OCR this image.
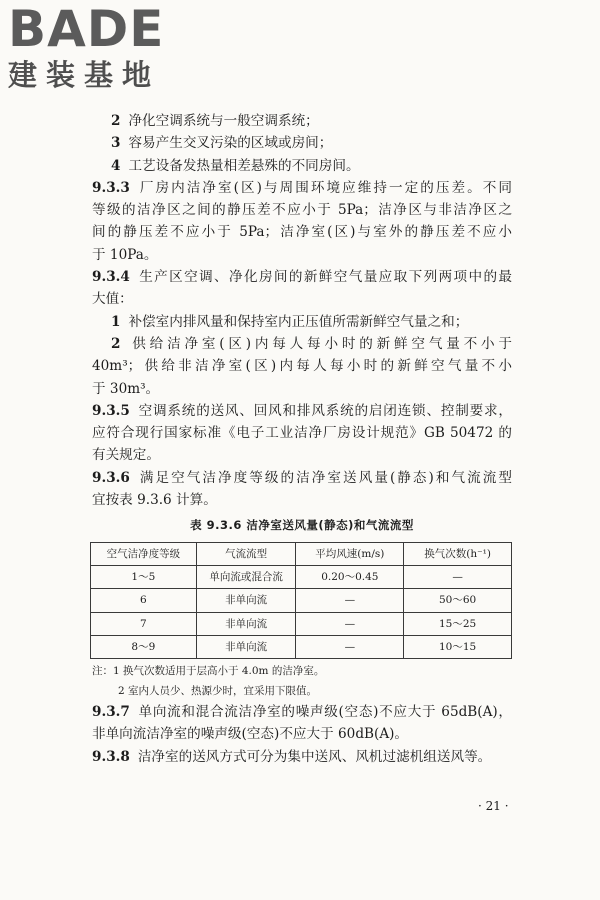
BADE
建装基地
2 净化空调系统与一般空调系统；
3 容易产生交叉污染的区域或房间；
4 工艺设备发热量相差悬殊的不同房间。
9.3.3 厂房内洁净室(区)与周围环境应维持一定的压差。不同
等级的洁净区之间的静压差不应小于 5Pa；洁净区与非洁净区之
间的静压差不应小于 5Pa；洁净室(区)与室外的静压差不应小
于 10Pa。
9.3.4 生产区空调、净化房间的新鲜空气量应取下列两项中的最
大值：
1 补偿室内排风量和保持室内正压值所需新鲜空气量之和；
2 供给洁净室(区)内每人每小时的新鲜空气量不小于
40m³；供给非洁净室(区)内每人每小时的新鲜空气量不小
于 30m³。
9.3.5 空调系统的送风、回风和排风系统的启闭连锁、控制要求，
应符合现行国家标准《电子工业洁净厂房设计规范》GB 50472 的
有关规定。
9.3.6 满足空气洁净度等级的洁净室送风量(静态)和气流流型
宜按表 9.3.6 计算。
表 9.3.6 洁净室送风量(静态)和气流流型
空气洁净度等级	气流流型	平均风速(m/s)	换气次数(h⁻¹)
1～5	单向流或混合流	0.20～0.45	—
6	非单向流	—	50～60
7	非单向流	—	15～25
8～9	非单向流	—	10～15
注：1 换气次数适用于层高小于 4.0m 的洁净室。
2 室内人员少、热源少时，宜采用下限值。
9.3.7 单向流和混合流洁净室的噪声级(空态)不应大于 65dB(A)，
非单向流洁净室的噪声级(空态)不应大于 60dB(A)。
9.3.8 洁净室的送风方式可分为集中送风、风机过滤机组送风等。
· 21 ·
